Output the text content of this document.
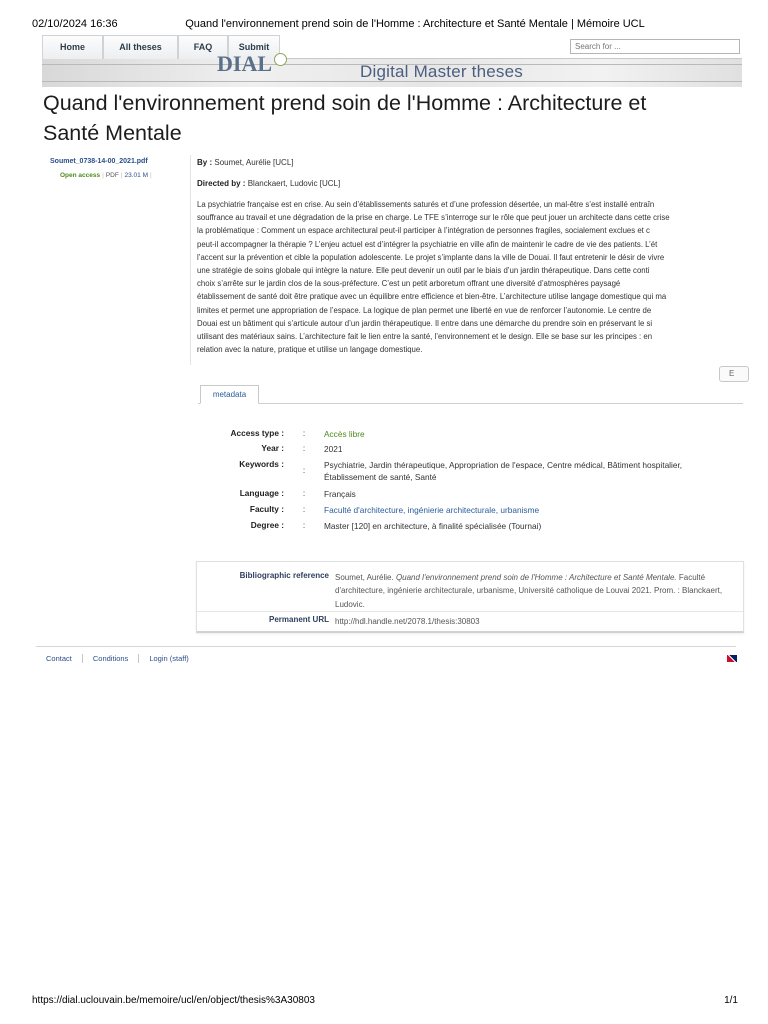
02/10/2024 16:36	Quand l'environnement prend soin de l'Homme : Architecture et Santé Mentale | Mémoire UCL
Home	All theses	FAQ	Submit
Search for ...
DIAL	Digital Master theses
Quand l'environnement prend soin de l'Homme : Architecture et
Santé Mentale
Soumet_0738-14-00_2021.pdf
Open access | PDF | 23.01 M |
By : Soumet, Aurélie [UCL]
Directed by : Blanckaert, Ludovic [UCL]

La psychiatrie française est en crise. Au sein d’établissements saturés et d’une profession désertée, un mal-être s’est installé entraîn

souffrance au travail et une dégradation de la prise en charge. Le TFE s’interroge sur le rôle que peut jouer un architecte dans cette crise

la problématique : Comment un espace architectural peut-il participer à l’intégration de personnes fragiles, socialement exclues et c

peut-il accompagner la thérapie ? L’enjeu actuel est d’intégrer la psychiatrie en ville afin de maintenir le cadre de vie des patients. L’ét

l’accent sur la prévention et cible la population adolescente. Le projet s’implante dans la ville de Douai. Il faut entretenir le désir de vivre

une stratégie de soins globale qui intègre la nature. Elle peut devenir un outil par le biais d’un jardin thérapeutique. Dans cette conti

choix s’arrête sur le jardin clos de la sous-préfecture. C’est un petit arboretum offrant une diversité d’atmosphères paysagé

établissement de santé doit être pratique avec un équilibre entre efficience et bien-être. L’architecture utilise langage domestique qui ma

limites et permet une appropriation de l’espace. La logique de plan permet une liberté en vue de renforcer l’autonomie. Le centre de

Douai est un bâtiment qui s’articule autour d’un jardin thérapeutique. Il entre dans une démarche du prendre soin en préservant le si

utilisant des matériaux sains. L’architecture fait le lien entre la santé, l’environnement et le design. Elle se base sur les principes : en

relation avec la nature, pratique et utilise un langage domestique.

E
metadata
Access type :	:	Accès libre
Year :	:	2021
Keywords :
:	Psychiatrie, Jardin thérapeutique, Appropriation de l'espace, Centre médical, Bâtiment hospitalier, Établissement de santé, Santé
Language :	:	Français
Faculty :	:	Faculté d'architecture, ingénierie architecturale, urbanisme
Degree :	:	Master [120] en architecture, à finalité spécialisée (Tournai)
Bibliographic reference Soumet, Aurélie. Quand l'environnement prend soin de l'Homme : Architecture et Santé Mentale. Faculté d'architecture, ingénierie architecturale, urbanisme, Université catholique de Louvai 2021. Prom. : Blanckaert, Ludovic.
Permanent URL http://hdl.handle.net/2078.1/thesis:30803
Contact	Conditions	Login (staff)
https://dial.uclouvain.be/memoire/ucl/en/object/thesis%3A30803	1/1
